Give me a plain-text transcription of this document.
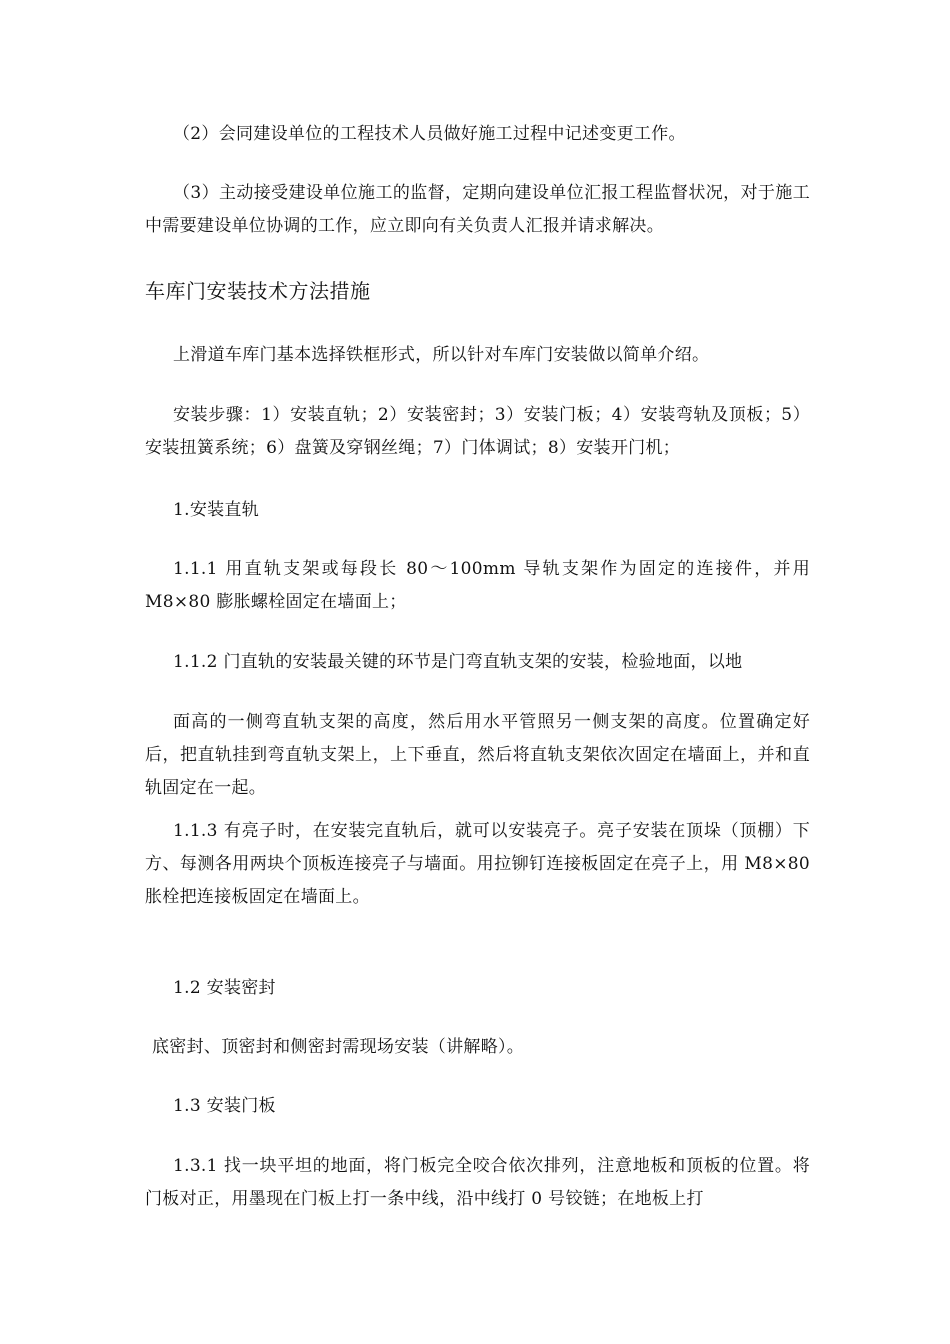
（2）会同建设单位的工程技术人员做好施工过程中记述变更工作。

（3）主动接受建设单位施工的监督，定期向建设单位汇报工程监督状况，对于施工中需要建设单位协调的工作，应立即向有关负责人汇报并请求解决。

车库门安装技术方法措施

上滑道车库门基本选择铁框形式，所以针对车库门安装做以简单介绍。

安装步骤：1）安装直轨；2）安装密封；3）安装门板；4）安装弯轨及顶板；5）安装扭簧系统；6）盘簧及穿钢丝绳；7）门体调试；8）安装开门机；

1.安装直轨

1.1.1 用直轨支架或每段长 80～100mm 导轨支架作为固定的连接件，并用 M8×80 膨胀螺栓固定在墙面上；

1.1.2 门直轨的安装最关键的环节是门弯直轨支架的安装，检验地面，以地

面高的一侧弯直轨支架的高度，然后用水平管照另一侧支架的高度。位置确定好后，把直轨挂到弯直轨支架上，上下垂直，然后将直轨支架依次固定在墙面上，并和直轨固定在一起。

1.1.3 有亮子时，在安装完直轨后，就可以安装亮子。亮子安装在顶垛（顶棚）下方、每测各用两块个顶板连接亮子与墙面。用拉铆钉连接板固定在亮子上，用 M8×80 胀栓把连接板固定在墙面上。

1.2 安装密封

底密封、顶密封和侧密封需现场安装（讲解略）。

1.3 安装门板

1.3.1 找一块平坦的地面，将门板完全咬合依次排列，注意地板和顶板的位置。将门板对正，用墨现在门板上打一条中线，沿中线打 0 号铰链；在地板上打
